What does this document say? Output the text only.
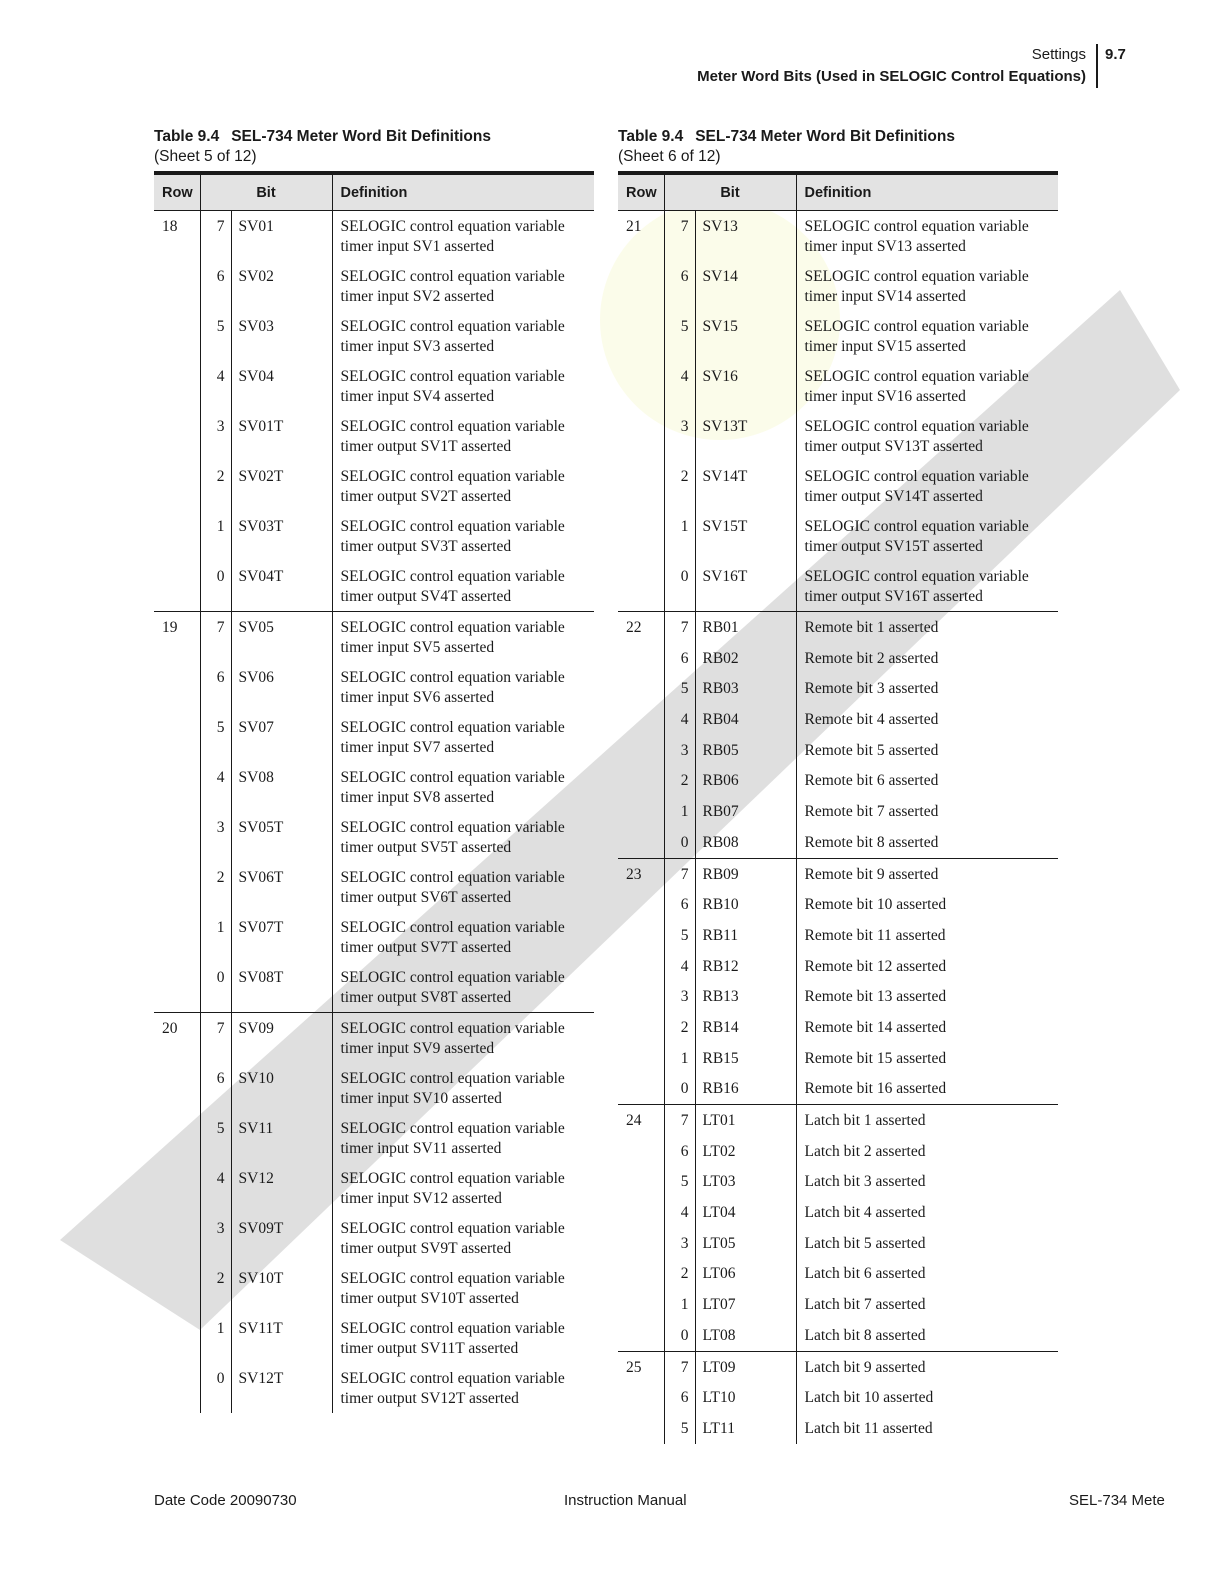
Settings
Meter Word Bits (Used in SELOGIC Control Equations)
9.7
Table 9.4 SEL-734 Meter Word Bit Definitions
(Sheet 5 of 12)
Row	Bit		Definition
18	7	SV01	SELOGIC control equation variable
timer input SV1 asserted

	6	SV02	SELOGIC control equation variable
timer input SV2 asserted

	5	SV03	SELOGIC control equation variable
timer input SV3 asserted

	4	SV04	SELOGIC control equation variable
timer input SV4 asserted

	3	SV01T	SELOGIC control equation variable
timer output SV1T asserted

	2	SV02T	SELOGIC control equation variable
timer output SV2T asserted

	1	SV03T	SELOGIC control equation variable
timer output SV3T asserted

	0	SV04T	SELOGIC control equation variable
timer output SV4T asserted

19	7	SV05	SELOGIC control equation variable
timer input SV5 asserted

	6	SV06	SELOGIC control equation variable
timer input SV6 asserted

	5	SV07	SELOGIC control equation variable
timer input SV7 asserted

	4	SV08	SELOGIC control equation variable
timer input SV8 asserted

	3	SV05T	SELOGIC control equation variable
timer output SV5T asserted

	2	SV06T	SELOGIC control equation variable
timer output SV6T asserted

	1	SV07T	SELOGIC control equation variable
timer output SV7T asserted

	0	SV08T	SELOGIC control equation variable
timer output SV8T asserted

20	7	SV09	SELOGIC control equation variable
timer input SV9 asserted

	6	SV10	SELOGIC control equation variable
timer input SV10 asserted

	5	SV11	SELOGIC control equation variable
timer input SV11 asserted

	4	SV12	SELOGIC control equation variable
timer input SV12 asserted

	3	SV09T	SELOGIC control equation variable
timer output SV9T asserted

	2	SV10T	SELOGIC control equation variable
timer output SV10T asserted

	1	SV11T	SELOGIC control equation variable
timer output SV11T asserted

	0	SV12T	SELOGIC control equation variable
timer output SV12T asserted
Table 9.4 SEL-734 Meter Word Bit Definitions
(Sheet 6 of 12)
Row	Bit		Definition
21	7	SV13	SELOGIC control equation variable
timer input SV13 asserted

	6	SV14	SELOGIC control equation variable
timer input SV14 asserted

	5	SV15	SELOGIC control equation variable
timer input SV15 asserted

	4	SV16	SELOGIC control equation variable
timer input SV16 asserted

	3	SV13T	SELOGIC control equation variable
timer output SV13T asserted

	2	SV14T	SELOGIC control equation variable
timer output SV14T asserted

	1	SV15T	SELOGIC control equation variable
timer output SV15T asserted

	0	SV16T	SELOGIC control equation variable
timer output SV16T asserted

22	7	RB01	Remote bit 1 asserted

	6	RB02	Remote bit 2 asserted

	5	RB03	Remote bit 3 asserted

	4	RB04	Remote bit 4 asserted

	3	RB05	Remote bit 5 asserted

	2	RB06	Remote bit 6 asserted

	1	RB07	Remote bit 7 asserted

	0	RB08	Remote bit 8 asserted

23	7	RB09	Remote bit 9 asserted

	6	RB10	Remote bit 10 asserted

	5	RB11	Remote bit 11 asserted

	4	RB12	Remote bit 12 asserted

	3	RB13	Remote bit 13 asserted

	2	RB14	Remote bit 14 asserted

	1	RB15	Remote bit 15 asserted

	0	RB16	Remote bit 16 asserted

24	7	LT01	Latch bit 1 asserted

	6	LT02	Latch bit 2 asserted

	5	LT03	Latch bit 3 asserted

	4	LT04	Latch bit 4 asserted

	3	LT05	Latch bit 5 asserted

	2	LT06	Latch bit 6 asserted

	1	LT07	Latch bit 7 asserted

	0	LT08	Latch bit 8 asserted

25	7	LT09	Latch bit 9 asserted

	6	LT10	Latch bit 10 asserted

	5	LT11	Latch bit 11 asserted
Date Code 20090730	Instruction Manual	SEL-734 Mete
